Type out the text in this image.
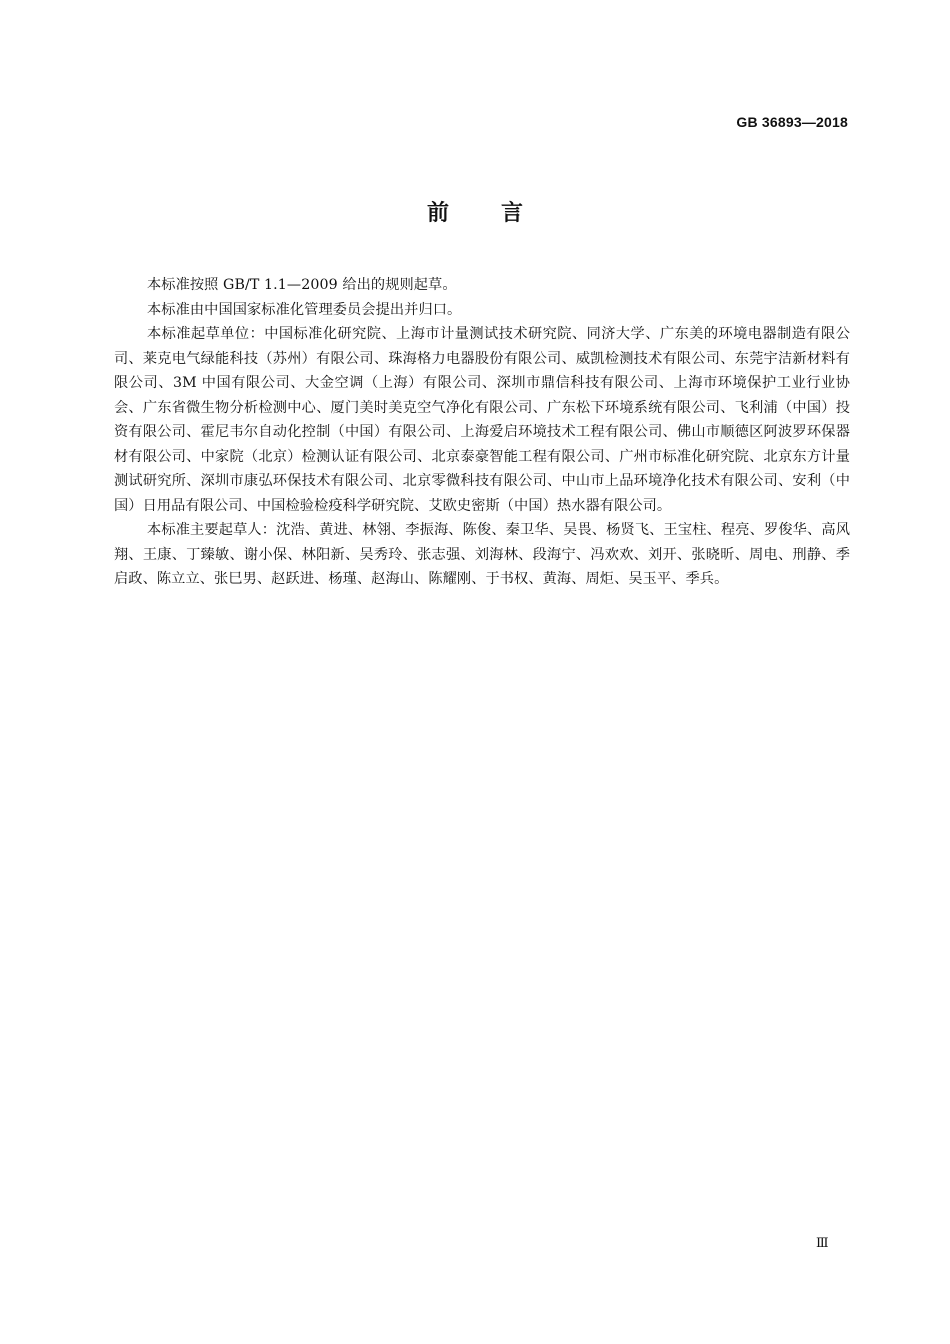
GB 36893—2018
前言

本标准按照 GB/T 1.1—2009 给出的规则起草。

本标准由中国国家标准化管理委员会提出并归口。

本标准起草单位：中国标准化研究院、上海市计量测试技术研究院、同济大学、广东美的环境电器制造有限公司、莱克电气绿能科技（苏州）有限公司、珠海格力电器股份有限公司、威凯检测技术有限公司、东莞宇洁新材料有限公司、3M 中国有限公司、大金空调（上海）有限公司、深圳市鼎信科技有限公司、上海市环境保护工业行业协会、广东省微生物分析检测中心、厦门美时美克空气净化有限公司、广东松下环境系统有限公司、飞利浦（中国）投资有限公司、霍尼韦尔自动化控制（中国）有限公司、上海爱启环境技术工程有限公司、佛山市顺德区阿波罗环保器材有限公司、中家院（北京）检测认证有限公司、北京泰豪智能工程有限公司、广州市标准化研究院、北京东方计量测试研究所、深圳市康弘环保技术有限公司、北京零微科技有限公司、中山市上品环境净化技术有限公司、安利（中国）日用品有限公司、中国检验检疫科学研究院、艾欧史密斯（中国）热水器有限公司。

本标准主要起草人：沈浩、黄进、林翎、李振海、陈俊、秦卫华、吴畏、杨贤飞、王宝柱、程亮、罗俊华、高风翔、王康、丁臻敏、谢小保、林阳新、吴秀玲、张志强、刘海林、段海宁、冯欢欢、刘开、张晓昕、周电、刑静、季启政、陈立立、张巳男、赵跃进、杨瑾、赵海山、陈耀刚、于书权、黄海、周炬、吴玉平、季兵。

Ⅲ
